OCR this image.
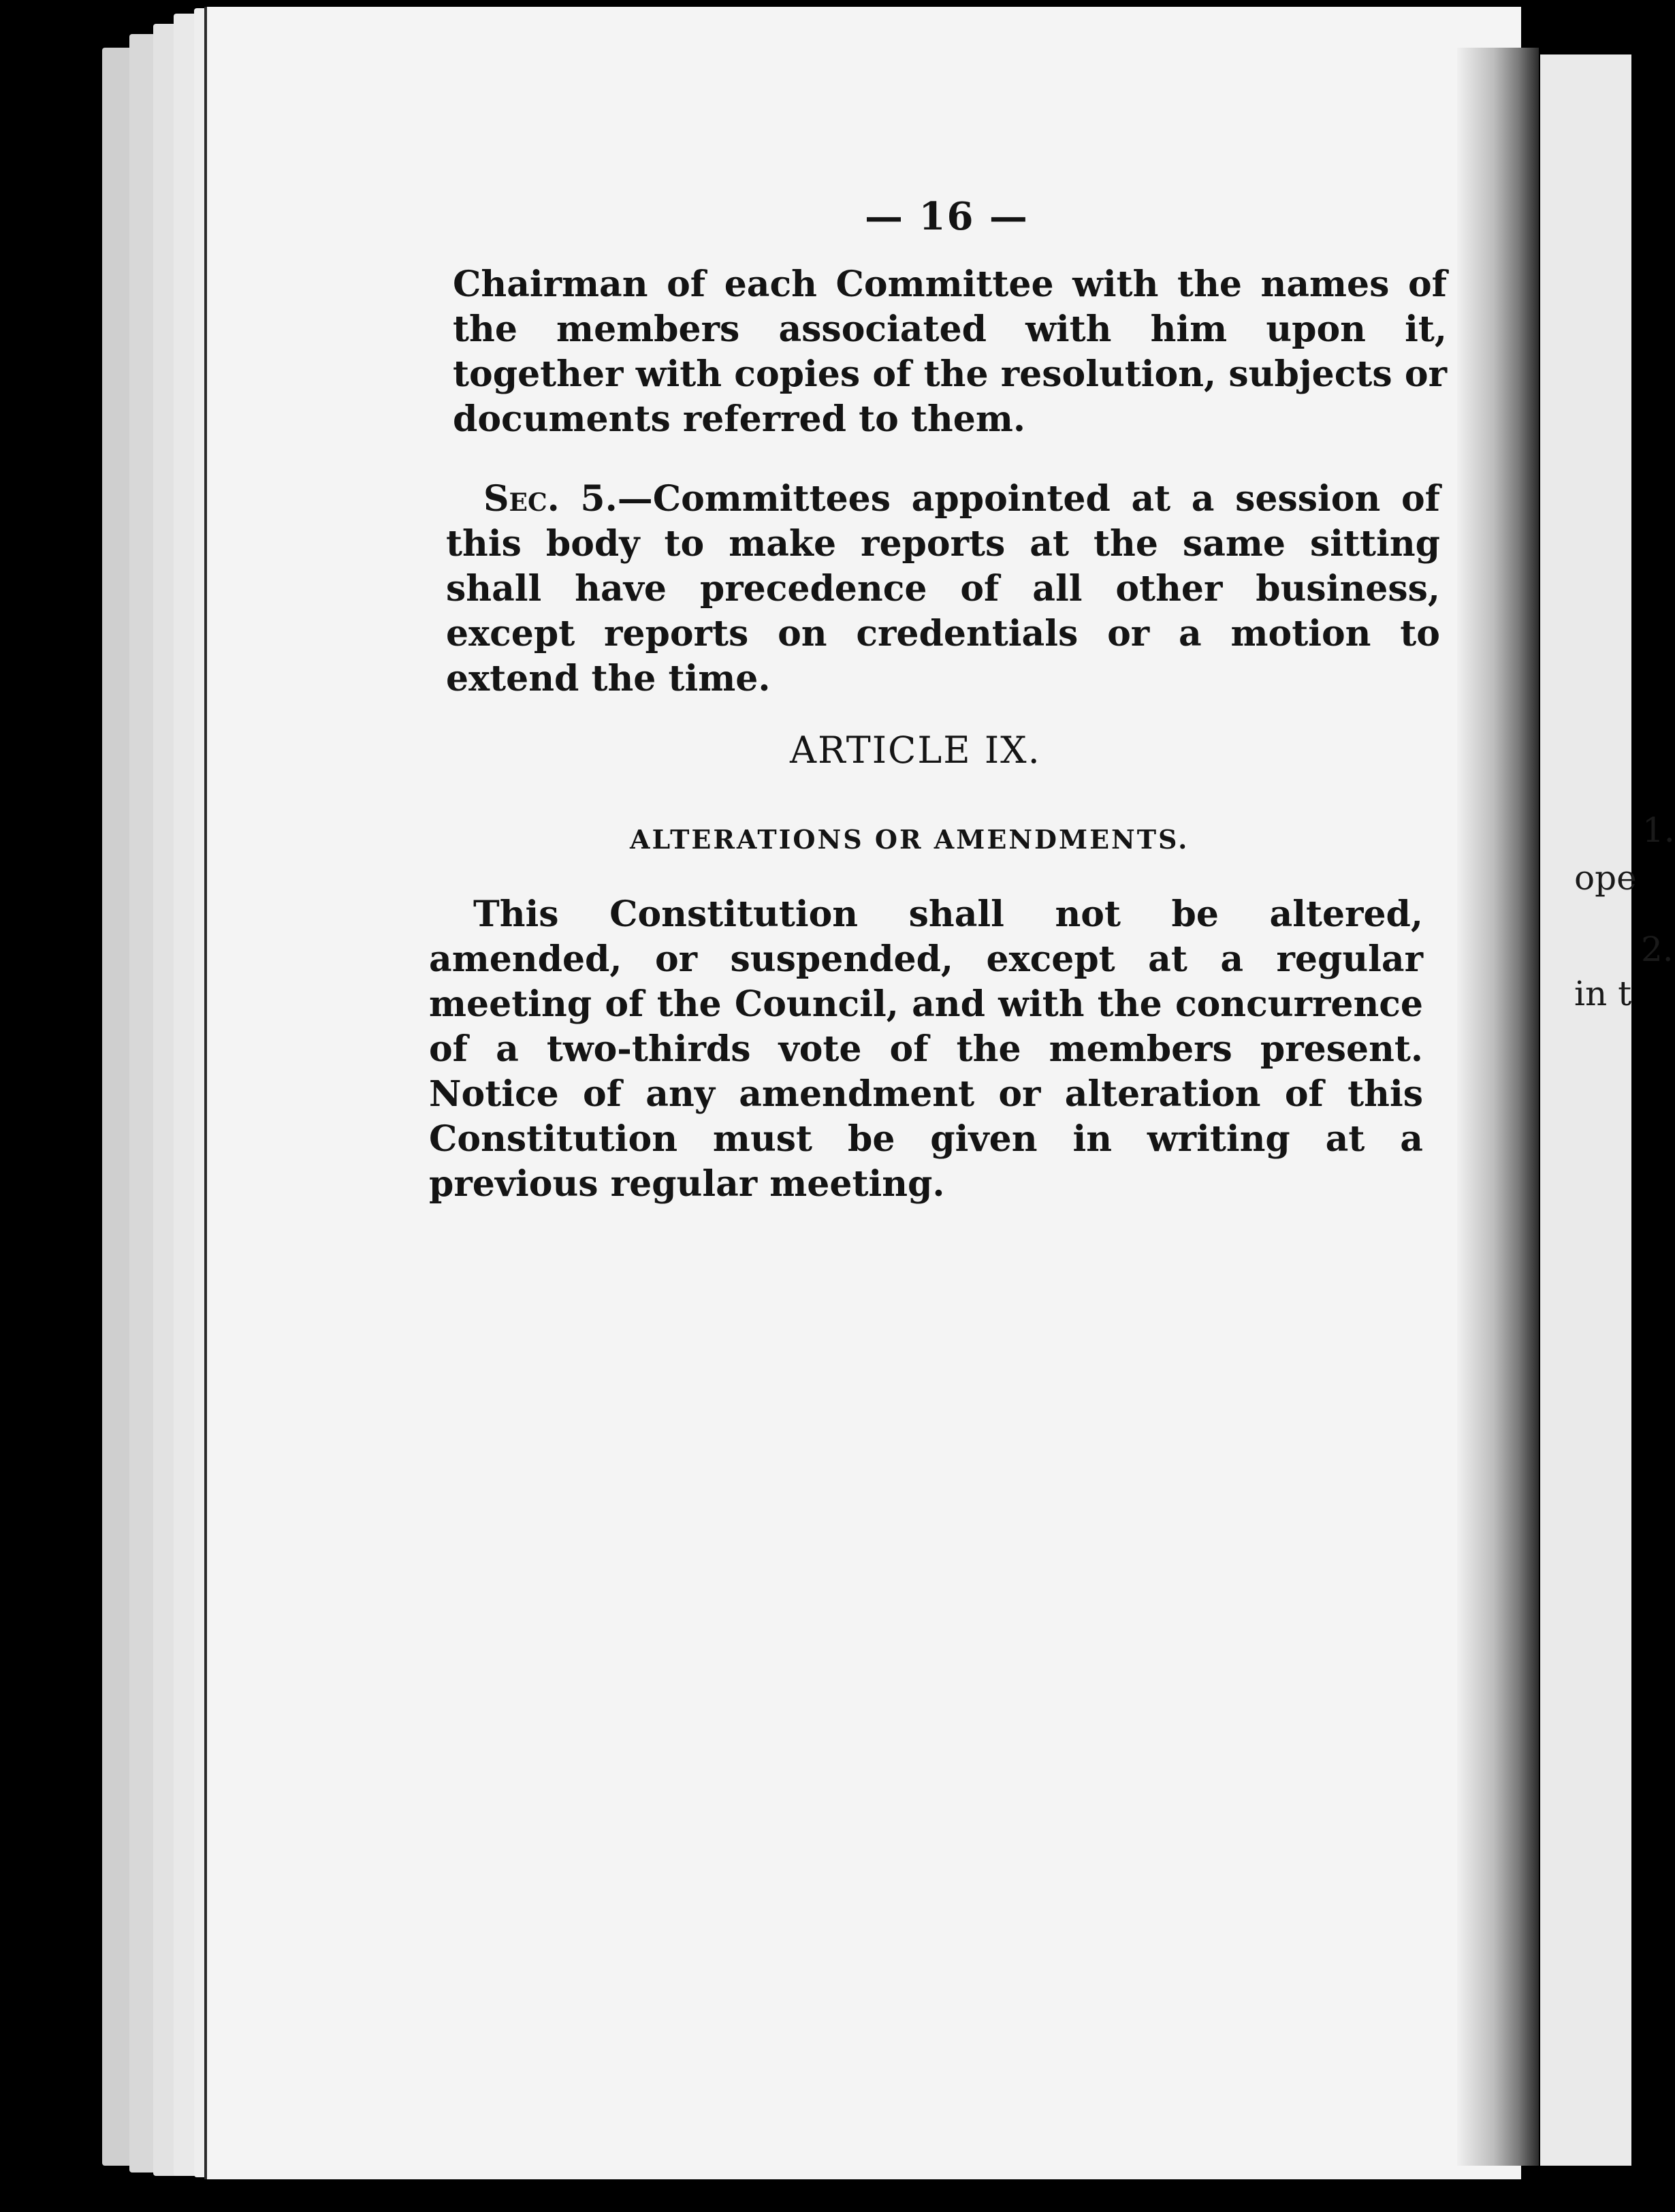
1.
ope
2.
in t
— 16 —
Chairman of each Committee with the names of the members associated with him upon it, together with copies of the resolution, subjects or documents referred to them.
Sec. 5.—Committees appointed at a session of this body to make reports at the same sitting shall have precedence of all other business, except reports on credentials or a motion to extend the time.
ARTICLE IX.
ALTERATIONS OR AMENDMENTS.
This Constitution shall not be altered, amended, or suspended, except at a regular meeting of the Council, and with the concurrence of a two-thirds vote of the members present. Notice of any amendment or alteration of this Constitution must be given in writing at a previous regular meeting.
